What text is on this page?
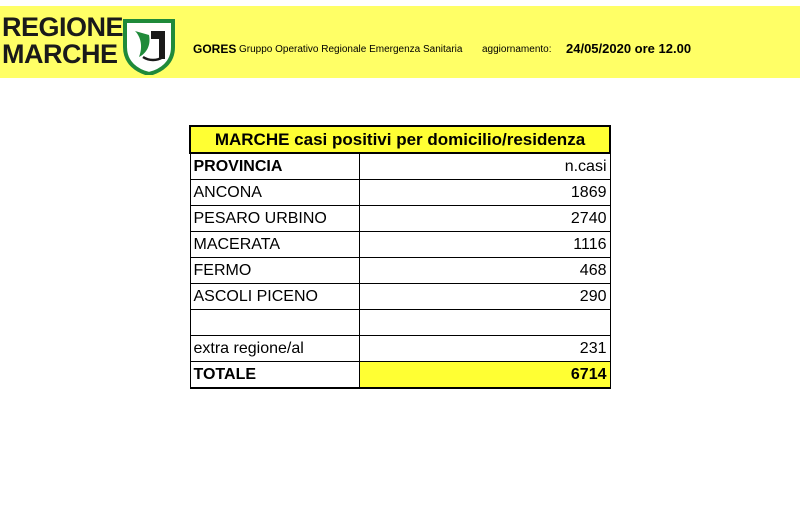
REGIONE
MARCHE	GORES Gruppo Operativo Regionale Emergenza Sanitaria aggiornamento: 24/05/2020 ore 12.00
MARCHE casi positivi per domicilio/residenza	
PROVINCIA	n.casi
ANCONA	1869
PESARO URBINO	2740
MACERATA	1116
FERMO	468
ASCOLI PICENO	290

extra regione/al	231
TOTALE	6714
